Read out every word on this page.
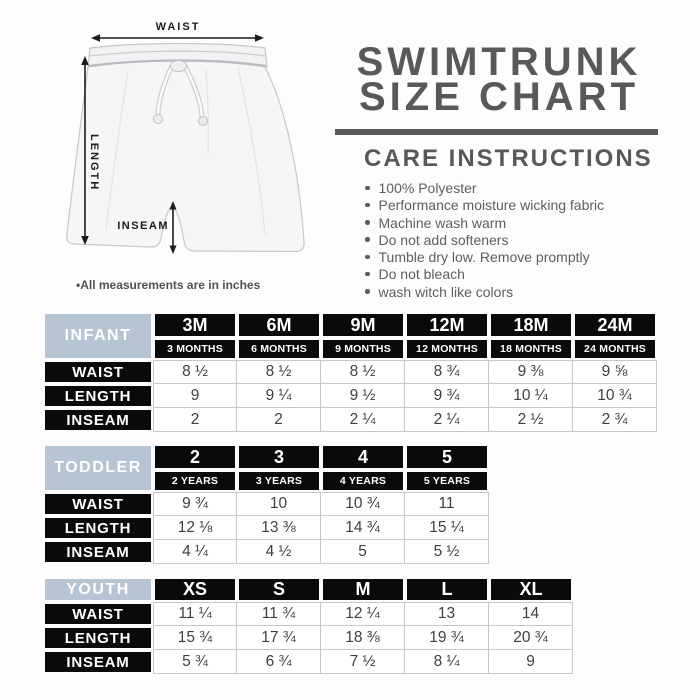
WAIST
LENGTH
INSEAM
•All measurements are in inches
SWIMTRUNK
SIZE CHART
CARE INSTRUCTIONS
100% Polyester
Performance moisture wicking fabric
Machine wash warm
Do not add softeners
Tumble dry low. Remove promptly
Do not bleach
wash witch like colors
INFANT	3M	6M	9M	12M	18M	24M
	3 MONTHS	6 MONTHS	9 MONTHS	12 MONTHS	18 MONTHS	24 MONTHS
WAIST	8 ½	8 ½	8 ½	8 ¾	9 ⅜	9 ⅝
LENGTH	9	9 ¼	9 ½	9 ¾	10 ¼	10 ¾
INSEAM	2	2	2 ¼	2 ¼	2 ½	2 ¾
TODDLER	2	3	4	5
	2 YEARS	3 YEARS	4 YEARS	5 YEARS
WAIST	9 ¾	10	10 ¾	11
LENGTH	12 ⅛	13 ⅜	14 ¾	15 ¼
INSEAM	4 ¼	4 ½	5	5 ½
YOUTH	XS	S	M	L	XL
WAIST	11 ¼	11 ¾	12 ¼	13	14
LENGTH	15 ¾	17 ¾	18 ⅜	19 ¾	20 ¾
INSEAM	5 ¾	6 ¾	7 ½	8 ¼	9
